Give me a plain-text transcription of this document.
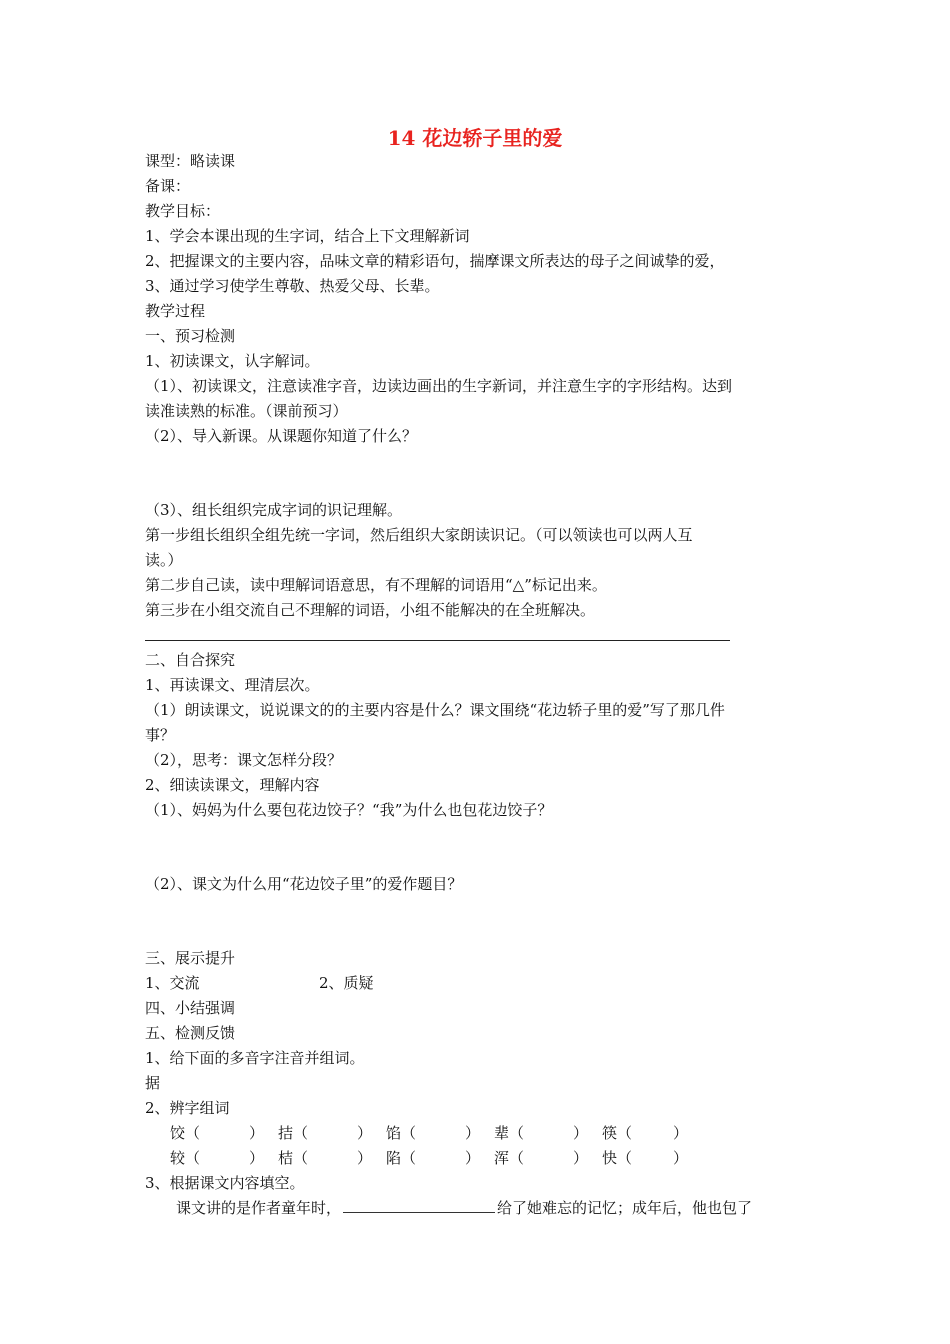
14 花边轿子里的爱
课型：略读课
备课：
教学目标：
1、学会本课出现的生字词，结合上下文理解新词
2、把握课文的主要内容，品味文章的精彩语句，揣摩课文所表达的母子之间诚挚的爱，
3、通过学习使学生尊敬、热爱父母、长辈。
教学过程
一、预习检测
1、初读课文，认字解词。
（1）、初读课文，注意读准字音，边读边画出的生字新词，并注意生字的字形结构。达到
读准读熟的标准。（课前预习）
（2）、导入新课。从课题你知道了什么？
（3）、组长组织完成字词的识记理解。
第一步组长组织全组先统一字词，然后组织大家朗读识记。（可以领读也可以两人互
读。）
第二步自己读，读中理解词语意思，有不理解的词语用“△”标记出来。
第三步在小组交流自己不理解的词语，小组不能解决的在全班解决。
二、自合探究
1、再读课文、理清层次。
（1）朗读课文，说说课文的的主要内容是什么？课文围绕“花边轿子里的爱”写了那几件
事？
（2），思考：课文怎样分段？
2、细读读课文，理解内容
（1）、妈妈为什么要包花边饺子？“我”为什么也包花边饺子？
（2）、课文为什么用“花边饺子里”的爱作题目？
三、展示提升
1、交流	2、质疑
四、小结强调
五、检测反馈
1、给下面的多音字注音并组词。
据
2、辨字组词
饺（	） 拮（	） 馅（	） 辈（	） 筷（	）
较（	） 桔（	） 陷（	） 浑（	） 快（	）
3、根据课文内容填空。
课文讲的是作者童年时，	给了她难忘的记忆；成年后，他也包了
